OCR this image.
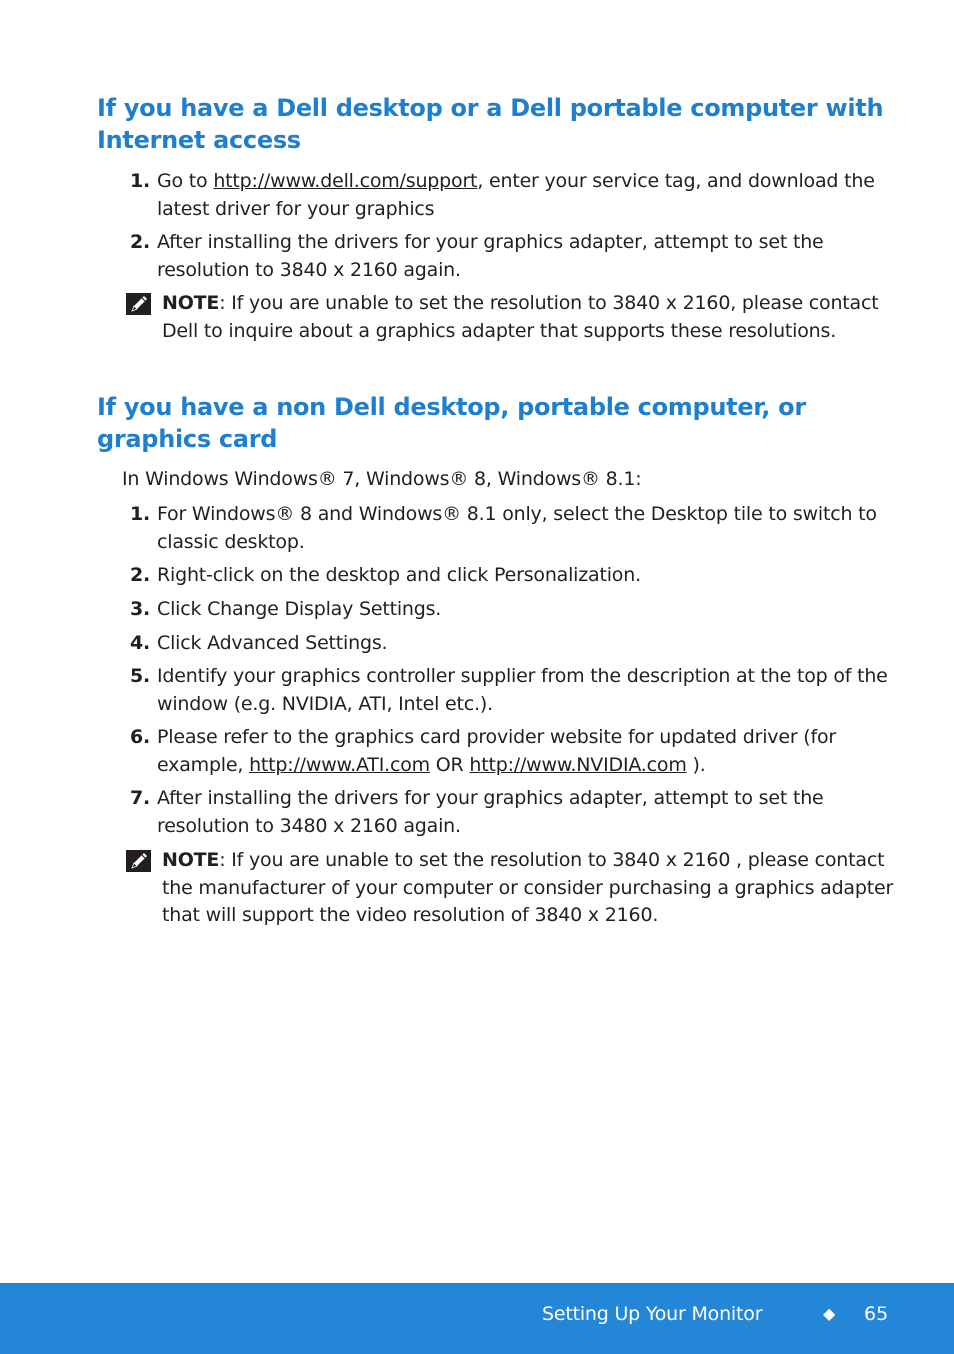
If you have a Dell desktop or a Dell portable computer with Internet access
1. Go to http://www.dell.com/support, enter your service tag, and download the latest driver for your graphics
2. After installing the drivers for your graphics adapter, attempt to set the resolution to 3840 x 2160 again.
NOTE: If you are unable to set the resolution to 3840 x 2160, please contact Dell to inquire about a graphics adapter that supports these resolutions.
If you have a non Dell desktop, portable computer, or graphics card
In Windows Windows® 7, Windows® 8, Windows® 8.1:
1. For Windows® 8 and Windows® 8.1 only, select the Desktop tile to switch to classic desktop.
2. Right-click on the desktop and click Personalization.
3. Click Change Display Settings.
4. Click Advanced Settings.
5. Identify your graphics controller supplier from the description at the top of the window (e.g. NVIDIA, ATI, Intel etc.).
6. Please refer to the graphics card provider website for updated driver (for example, http://www.ATI.com OR http://www.NVIDIA.com ).
7. After installing the drivers for your graphics adapter, attempt to set the resolution to 3480 x 2160 again.
NOTE: If you are unable to set the resolution to 3840 x 2160 , please contact the manufacturer of your computer or consider purchasing a graphics adapter that will support the video resolution of 3840 x 2160.
Setting Up Your Monitor	◆ 65
